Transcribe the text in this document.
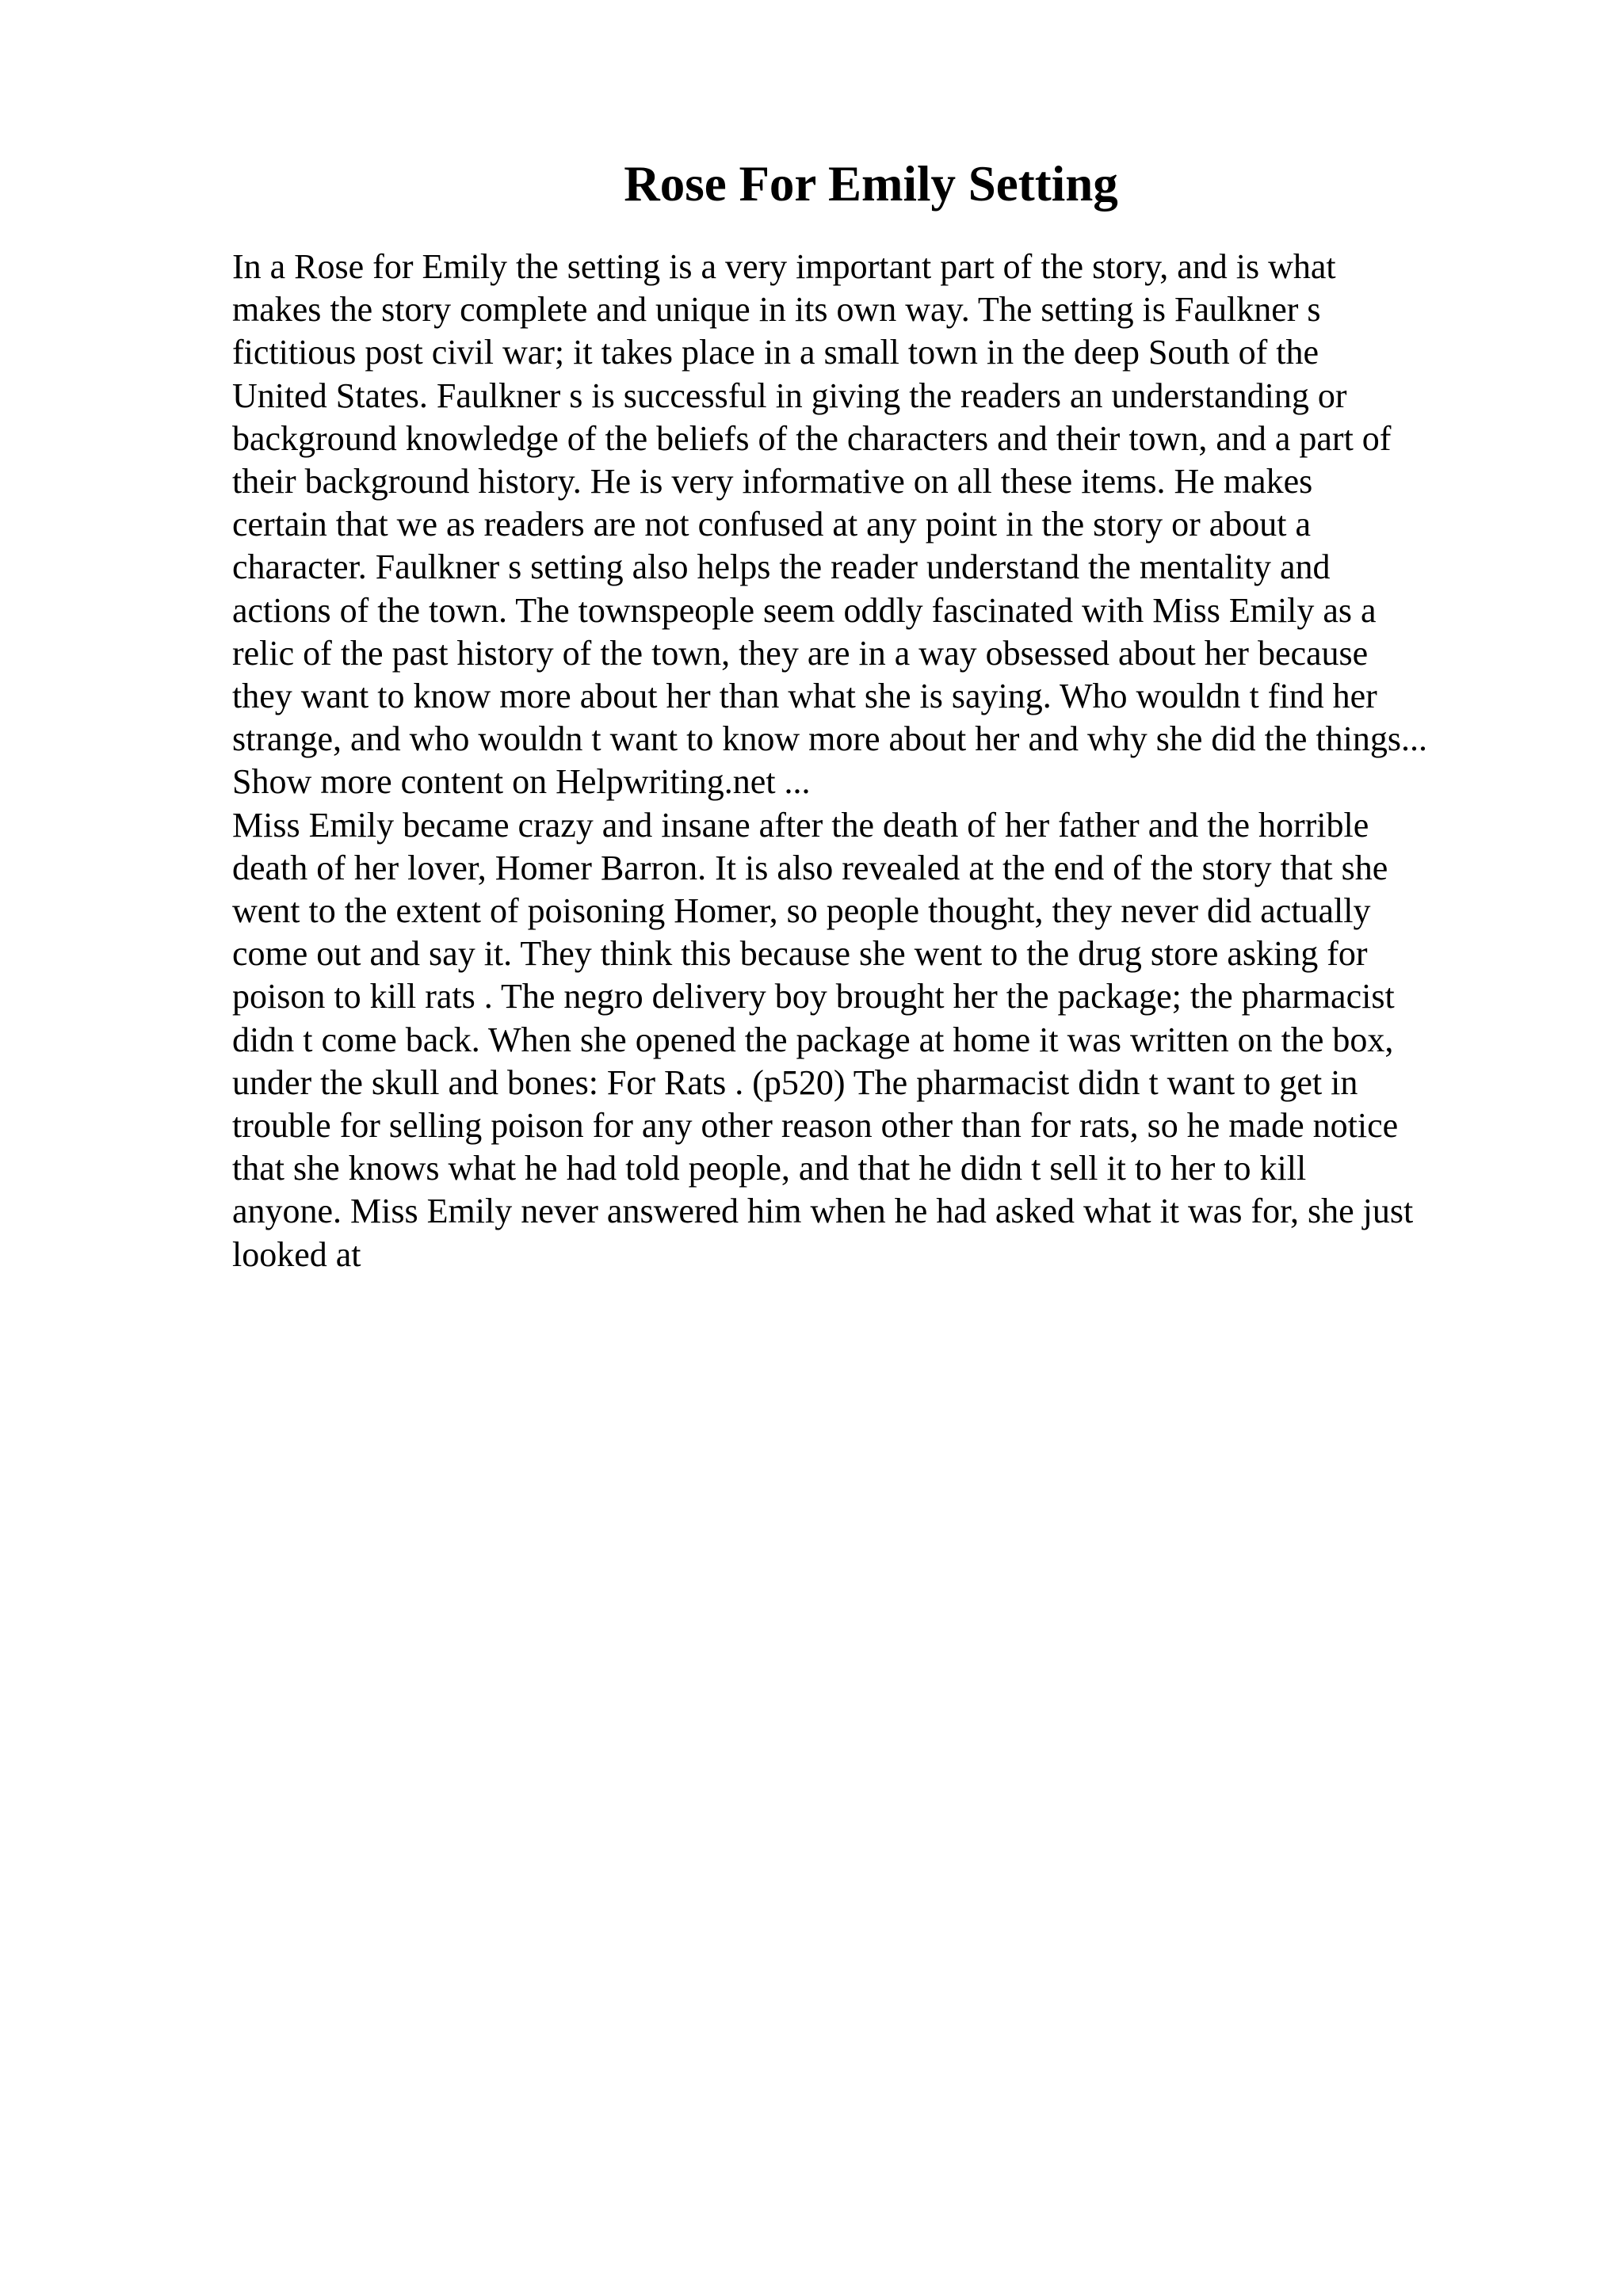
Rose For Emily Setting
In a Rose for Emily the setting is a very important part of the story, and is what
makes the story complete and unique in its own way. The setting is Faulkner s
fictitious post civil war; it takes place in a small town in the deep South of the
United States. Faulkner s is successful in giving the readers an understanding or
background knowledge of the beliefs of the characters and their town, and a part of
their background history. He is very informative on all these items. He makes
certain that we as readers are not confused at any point in the story or about a
character. Faulkner s setting also helps the reader understand the mentality and
actions of the town. The townspeople seem oddly fascinated with Miss Emily as a
relic of the past history of the town, they are in a way obsessed about her because
they want to know more about her than what she is saying. Who wouldn t find her
strange, and who wouldn t want to know more about her and why she did the things...
Show more content on Helpwriting.net ...
Miss Emily became crazy and insane after the death of her father and the horrible
death of her lover, Homer Barron. It is also revealed at the end of the story that she
went to the extent of poisoning Homer, so people thought, they never did actually
come out and say it. They think this because she went to the drug store asking for
poison to kill rats . The negro delivery boy brought her the package; the pharmacist
didn t come back. When she opened the package at home it was written on the box,
under the skull and bones: For Rats . (p520) The pharmacist didn t want to get in
trouble for selling poison for any other reason other than for rats, so he made notice
that she knows what he had told people, and that he didn t sell it to her to kill
anyone. Miss Emily never answered him when he had asked what it was for, she just
looked at
